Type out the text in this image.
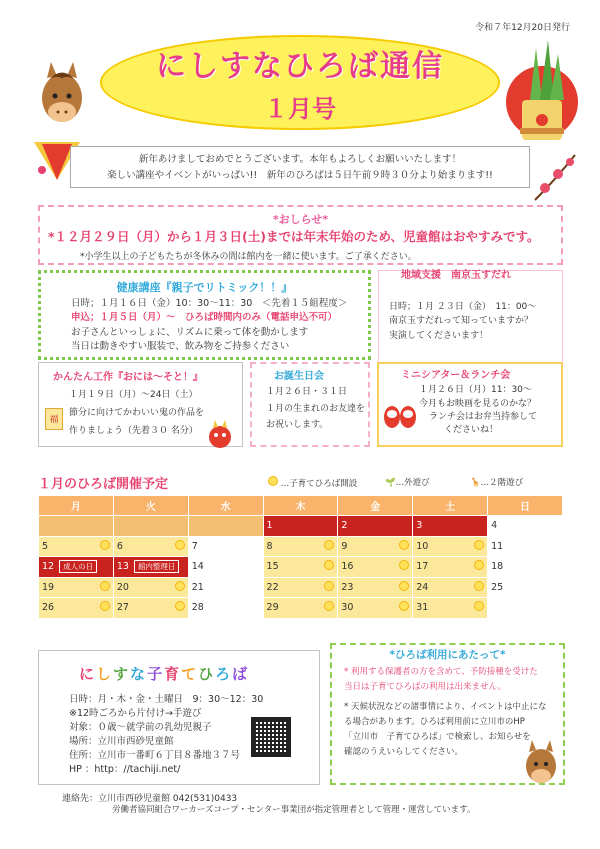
令和７年12月20日発行
にしすなひろば通信
１月号
新年あけましておめでとうございます。本年もよろしくお願いいたします！
楽しい講座やイベントがいっぱい!!　新年のひろばは５日午前９時３０分より始まります!!
*おしらせ*
*１２月２９日（月）から１月３日(土)までは年末年始のため、児童館はおやすみです。
*小学生以上の子どもたちが冬休みの間は館内を一緒に使います。ご了承ください。
健康講座『親子でリトミック！！』
日時；１月１６日（金）10：30～11：30　＜先着１５組程度＞
申込；１月５日（月）～　ひろば時間内のみ（電話申込不可）
お子さんといっしょに、リズムに乗って体を動かします
当日は動きやすい服装で、飲み物をご持参ください
地域支援　南京玉すだれ
日時；１月 ２３日（金）　11：00～
南京玉すだれって知っていますか？
実演してくださいます！
かんたん工作『おには～そと！』
１月１９日（月）～24日（土）
節分に向けてかわいい鬼の作品を
作りましょう（先着３０ 名分）
福
お誕生日会
１月２６日・３１日
１月の生まれのお友達を
お祝いします。
ミニシアター＆ランチ会
１月２６日（月）11：30～
今月もお映画を見るのかな？
ランチ会はお弁当持参して
くださいね！
１月のひろば開催予定	…子育てひろば開設	🌱…外遊び	🦒…２階遊び
月	火	水	木	金	土	日
			1	2	3	4
5	6	7	8	9	10	11
12 成人の日	13 館内整理日	14	15	16	17	18
19	20	21	22	23	24	25
26	27	28	29	30	31

にしすな子育てひろば
日時：月・木・金・土曜日　9：30～12：30
※12時ごろから片付け→手遊び
対象：０歳～就学前の乳幼児親子
場所：立川市西砂児童館
住所：立川市一番町６丁目８番地３７号
HP ：http：//tachiji.net/
*ひろば利用にあたって*
* 利用する保護者の方を含めて、予防接種を受けた
当日は子育てひろばの利用は出来ません。
* 天候状況などの諸事情により、イベントは中止にな
る場合があります。ひろば利用前に立川市のHP
「立川市　子育てひろば」で検索し、お知らせを
確認のうえいらしてください。
連絡先：立川市西砂児童館 042(531)0433
労働者協同組合ワーカーズコープ・センター事業団が指定管理者として管理・運営しています。
